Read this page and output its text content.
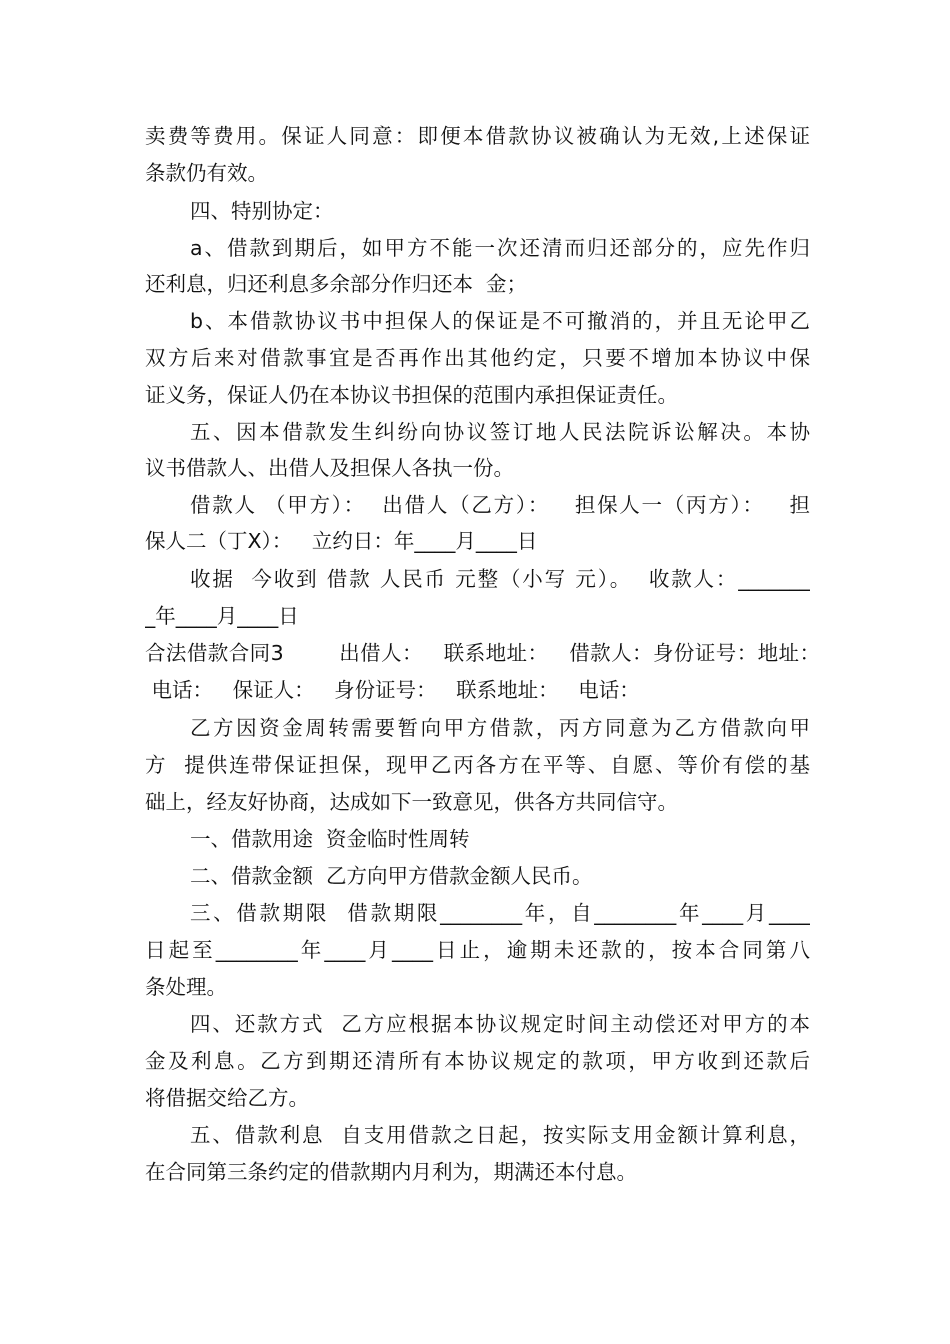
卖费等费用。保证人同意：即便本借款协议被确认为无效,上述保证
条款仍有效。
四、特别协定：
a、借款到期后，如甲方不能一次还清而归还部分的，应先作归
还利息，归还利息多余部分作归还本  金；
b、本借款协议书中担保人的保证是不可撤消的，并且无论甲乙
双方后来对借款事宜是否再作出其他约定，只要不增加本协议中保
证义务，保证人仍在本协议书担保的范围内承担保证责任。
五、因本借款发生纠纷向协议签订地人民法院诉讼解决。本协
议书借款人、出借人及担保人各执一份。
借款人 （甲方）：  出借人（乙方）：   担保人一（丙方）：   担
保人二（丁X）：   立约日：年____月____日
收据  今收到 借款 人民币 元整（小写 元）。  收款人：_______
_年____月____日
合法借款合同3        出借人：   联系地址：   借款人：身份证号：地址：
电话：   保证人：   身份证号：   联系地址：   电话：
乙方因资金周转需要暂向甲方借款，丙方同意为乙方借款向甲
方  提供连带保证担保，现甲乙丙各方在平等、自愿、等价有偿的基
础上，经友好协商，达成如下一致意见，供各方共同信守。
一、借款用途  资金临时性周转
二、借款金额  乙方向甲方借款金额人民币。
三、借款期限  借款期限________年，自________年____月____
日起至________年____月____日止，逾期未还款的，按本合同第八
条处理。
四、还款方式  乙方应根据本协议规定时间主动偿还对甲方的本
金及利息。乙方到期还清所有本协议规定的款项，甲方收到还款后
将借据交给乙方。
五、借款利息  自支用借款之日起，按实际支用金额计算利息，
在合同第三条约定的借款期内月利为，期满还本付息。
